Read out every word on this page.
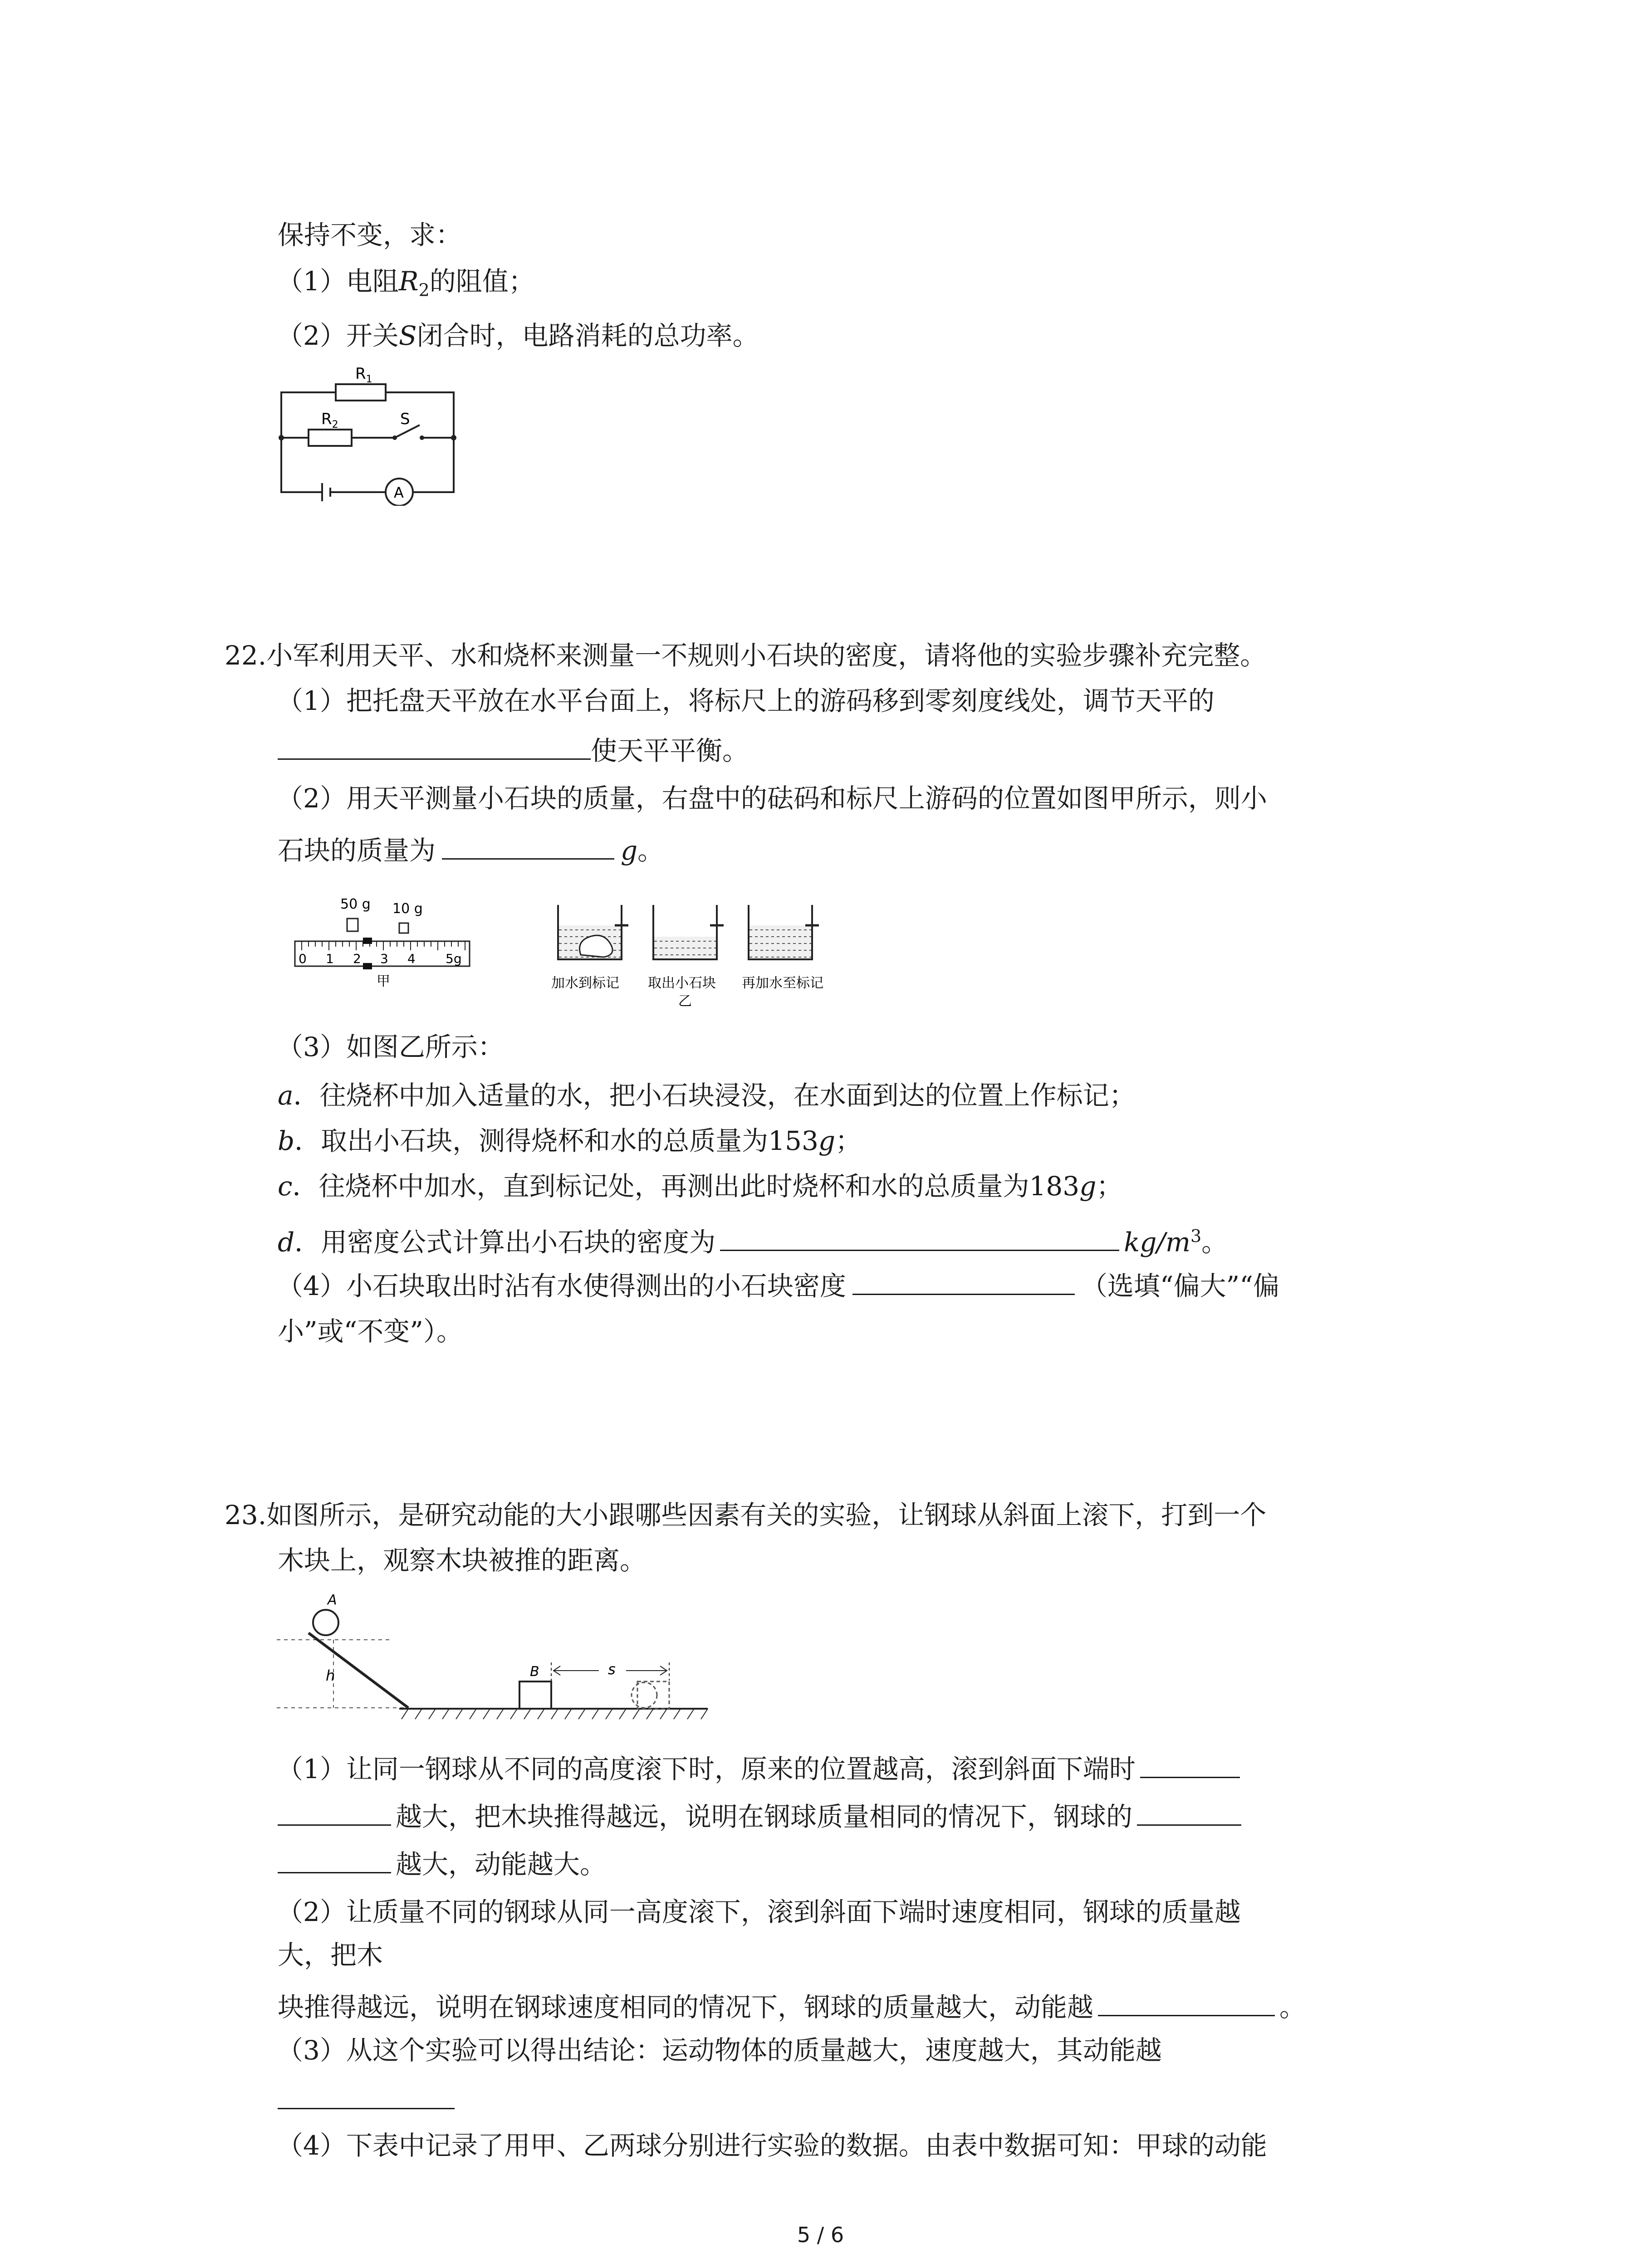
保持不变，求：
（1）电阻$R_2$的阻值；
（2）开关S闭合时，电路消耗的总功率。
$R_1$
$R_2$	S
A
22.小军利用天平、水和烧杯来测量一不规则小石块的密度，请将他的实验步骤补充完整。
（1）把托盘天平放在水平台面上，将标尺上的游码移到零刻度线处，调节天平的
使天平平衡。
（2）用天平测量小石块的质量，右盘中的砝码和标尺上游码的位置如图甲所示，则小
石块的质量为	g。
50 g 10 g
0 1 2 3 4 5g
甲	加水到标记 取出小石块
乙
再加水至标记
（3）如图乙所示：
a．往烧杯中加入适量的水，把小石块浸没，在水面到达的位置上作标记；
b．取出小石块，测得烧杯和水的总质量为153g；
c．往烧杯中加水，直到标记处，再测出此时烧杯和水的总质量为183g；
d．用密度公式计算出小石块的密度为	$kg/m^3$。
（4）小石块取出时沾有水使得测出的小石块密度	（选填“偏大”“偏
小”或“不变”）。
23.如图所示，是研究动能的大小跟哪些因素有关的实验，让钢球从斜面上滚下，打到一个
木块上，观察木块被推的距离。
h
A
B	s
（1）让同一钢球从不同的高度滚下时，原来的位置越高，滚到斜面下端时
越大，把木块推得越远，说明在钢球质量相同的情况下，钢球的
越大，动能越大。
（2）让质量不同的钢球从同一高度滚下，滚到斜面下端时速度相同，钢球的质量越
大，把木
块推得越远，说明在钢球速度相同的情况下，钢球的质量越大，动能越	。
（3）从这个实验可以得出结论：运动物体的质量越大，速度越大，其动能越
（4）下表中记录了用甲、乙两球分别进行实验的数据。由表中数据可知：甲球的动能
5 / 6
